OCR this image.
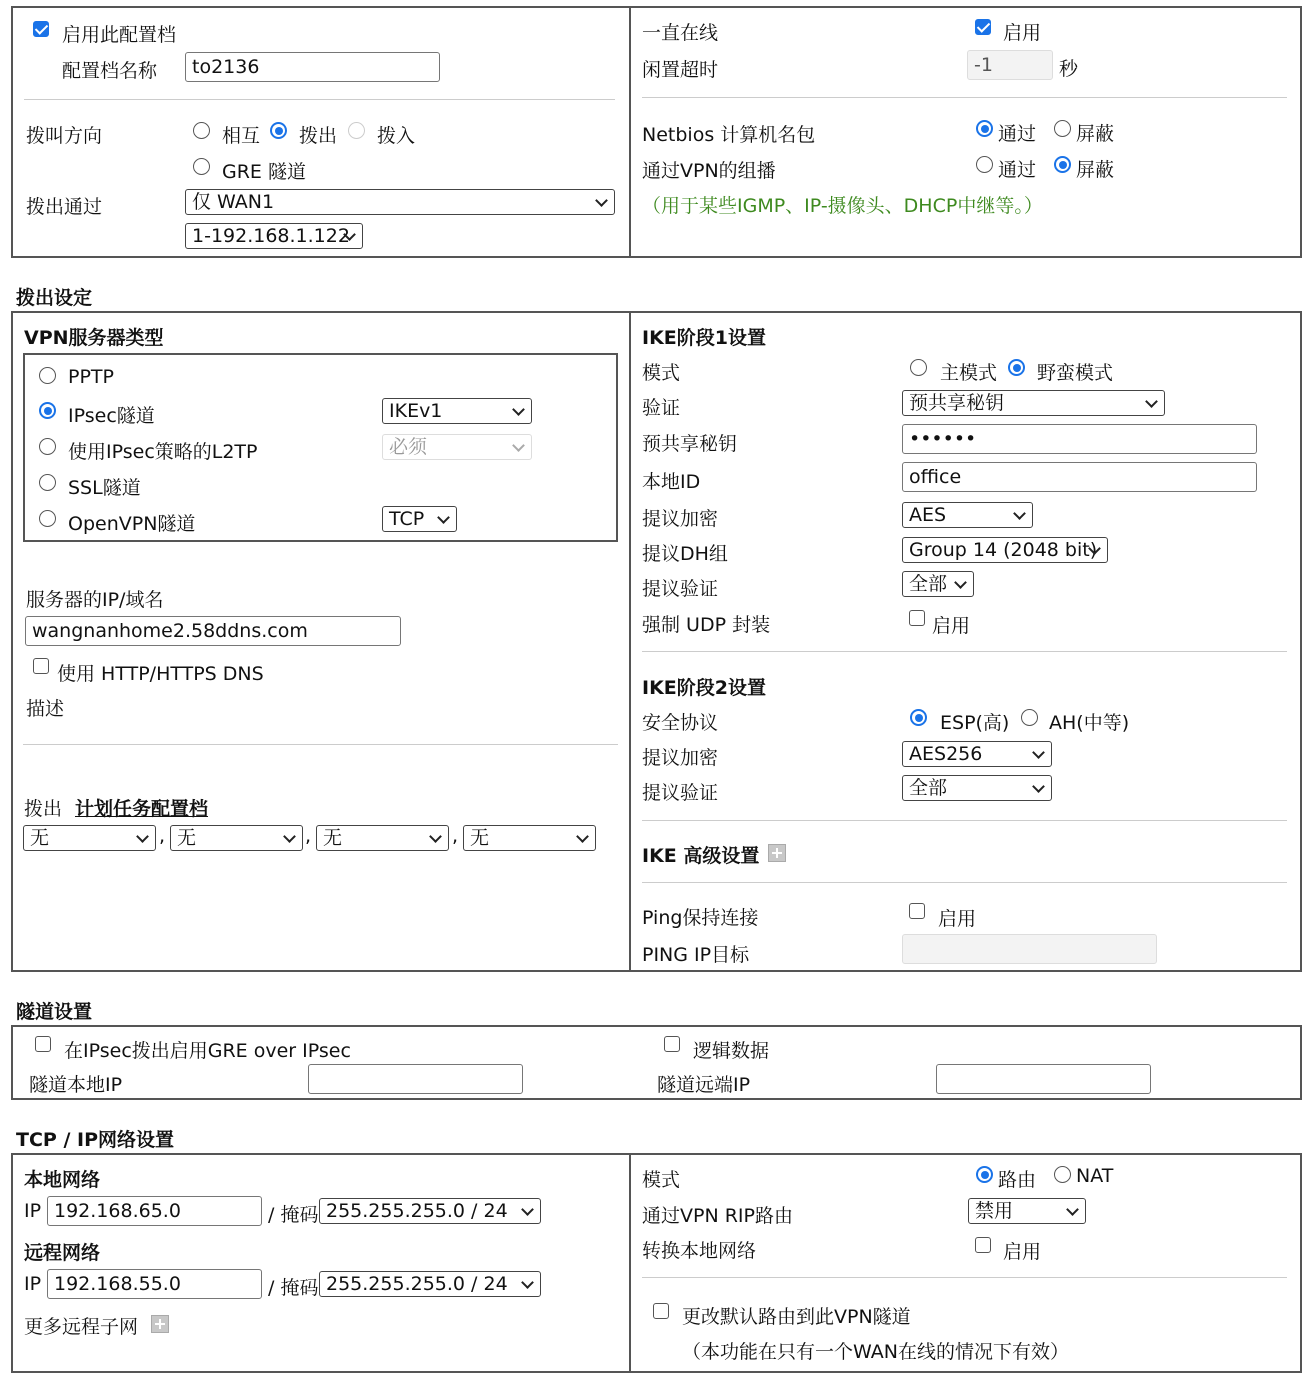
启用此配置档
配置档名称	to2136
拨叫方向	相互 拨出 拨入
GRE 隧道
拨出通过	仅 WAN1
1-192.168.1.122
一直在线	启用
闲置超时	-1	秒
Netbios 计算机名包	通过 屏蔽
通过VPN的组播	通过 屏蔽
（用于某些IGMP、IP-摄像头、DHCP中继等。）
拨出设定
VPN服务器类型
PPTP
IPsec隧道	IKEv1
使用IPsec策略的L2TP	必须
SSL隧道
OpenVPN隧道	TCP
服务器的IP/域名
wangnanhome2.58ddns.com
使用 HTTP/HTTPS DNS
描述
拨出 计划任务配置档
无	, 无	, 无	, 无
IKE阶段1设置
模式	主模式 野蛮模式
验证	预共享秘钥
预共享秘钥	••••••
本地ID	office
提议加密	AES
提议DH组	Group 14 (2048 bit)
提议验证	全部
强制 UDP 封装	启用
IKE阶段2设置
安全协议	ESP(高) AH(中等)
提议加密	AES256
提议验证	全部
IKE 高级设置
Ping保持连接	启用
PING IP目标
隧道设置
在IPsec拨出启用GRE over IPsec	逻辑数据
隧道本地IP	隧道远端IP
TCP / IP网络设置
本地网络
IP 192.168.65.0	/ 掩码 255.255.255.0 / 24
远程网络
IP 192.168.55.0	/ 掩码 255.255.255.0 / 24
更多远程子网
模式	路由 NAT
通过VPN RIP路由	禁用
转换本地网络	启用
更改默认路由到此VPN隧道
（本功能在只有一个WAN在线的情况下有效）
